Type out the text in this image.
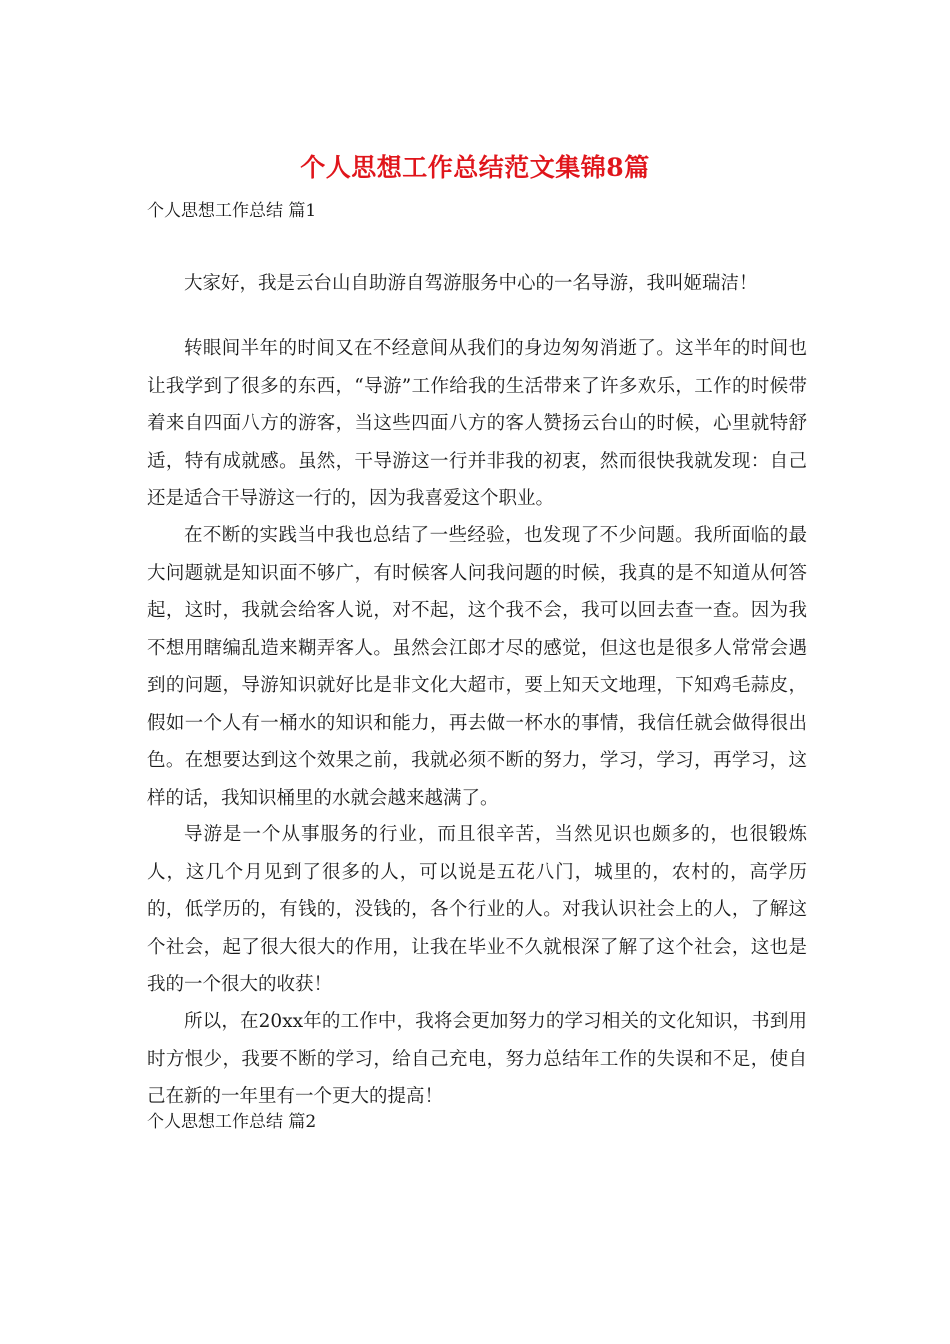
个人思想工作总结范文集锦8篇
个人思想工作总结 篇1

大家好，我是云台山自助游自驾游服务中心的一名导游，我叫姬瑞洁！

转眼间半年的时间又在不经意间从我们的身边匆匆消逝了。这半年的时间也让我学到了很多的东西，“导游”工作给我的生活带来了许多欢乐，工作的时候带着来自四面八方的游客，当这些四面八方的客人赞扬云台山的时候，心里就特舒适，特有成就感。虽然，干导游这一行并非我的初衷，然而很快我就发现：自己还是适合干导游这一行的，因为我喜爱这个职业。

在不断的实践当中我也总结了一些经验，也发现了不少问题。我所面临的最大问题就是知识面不够广，有时候客人问我问题的时候，我真的是不知道从何答起，这时，我就会给客人说，对不起，这个我不会，我可以回去查一查。因为我不想用瞎编乱造来糊弄客人。虽然会江郎才尽的感觉，但这也是很多人常常会遇到的问题，导游知识就好比是非文化大超市，要上知天文地理，下知鸡毛蒜皮，假如一个人有一桶水的知识和能力，再去做一杯水的事情，我信任就会做得很出色。在想要达到这个效果之前，我就必须不断的努力，学习，学习，再学习，这样的话，我知识桶里的水就会越来越满了。

导游是一个从事服务的行业，而且很辛苦，当然见识也颇多的，也很锻炼人，这几个月见到了很多的人，可以说是五花八门，城里的，农村的，高学历的，低学历的，有钱的，没钱的，各个行业的人。对我认识社会上的人，了解这个社会，起了很大很大的作用，让我在毕业不久就根深了解了这个社会，这也是我的一个很大的收获！

所以，在20xx年的工作中，我将会更加努力的学习相关的文化知识，书到用时方恨少，我要不断的学习，给自己充电，努力总结年工作的失误和不足，使自己在新的一年里有一个更大的提高！

个人思想工作总结 篇2
